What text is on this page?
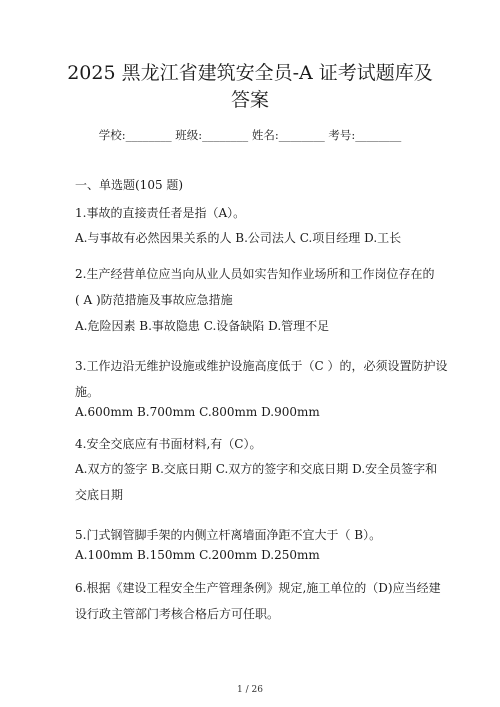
2025 黑龙江省建筑安全员-A 证考试题库及
答案
学校:________ 班级:________ 姓名:________ 考号:________
一、单选题(105 题)
1.事故的直接责任者是指（A）。
A.与事故有必然因果关系的人 B.公司法人 C.项目经理 D.工长
2.生产经营单位应当向从业人员如实告知作业场所和工作岗位存在的
( A )防范措施及事故应急措施
A.危险因素 B.事故隐患 C.设备缺陷 D.管理不足
3.工作边沿无维护设施或维护设施高度低于（C ）的，必须设置防护设
施。
A.600mm B.700mm C.800mm D.900mm
4.安全交底应有书面材料,有（C）。
A.双方的签字 B.交底日期 C.双方的签字和交底日期 D.安全员签字和
交底日期
5.门式钢管脚手架的内侧立杆离墙面净距不宜大于（ B）。
A.100mm B.150mm C.200mm D.250mm
6.根据《建设工程安全生产管理条例》规定,施工单位的（D)应当经建
设行政主管部门考核合格后方可任职。
1 / 26
